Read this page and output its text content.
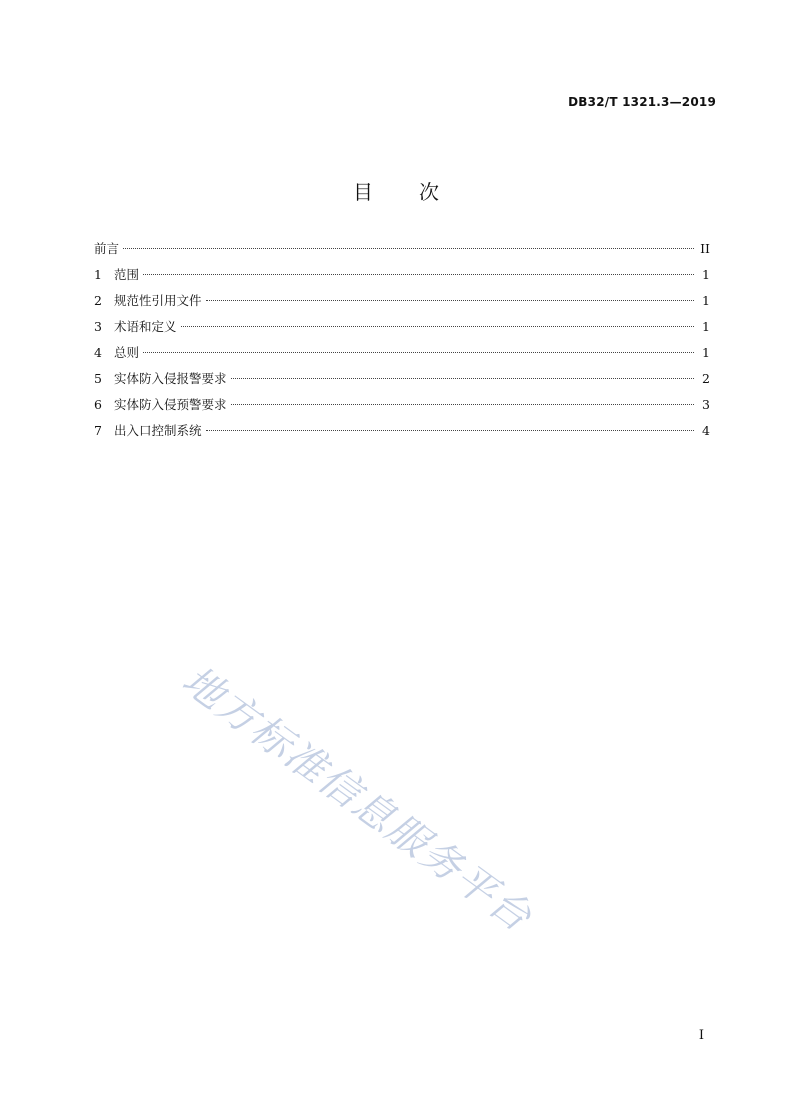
DB32/T 1321.3—2019
目 次
前言	II
1 范围	1
2 规范性引用文件	1
3 术语和定义	1
4 总则	1
5 实体防入侵报警要求	2
6 实体防入侵预警要求	3
7 出入口控制系统	4
地方标准信息服务平台
I
